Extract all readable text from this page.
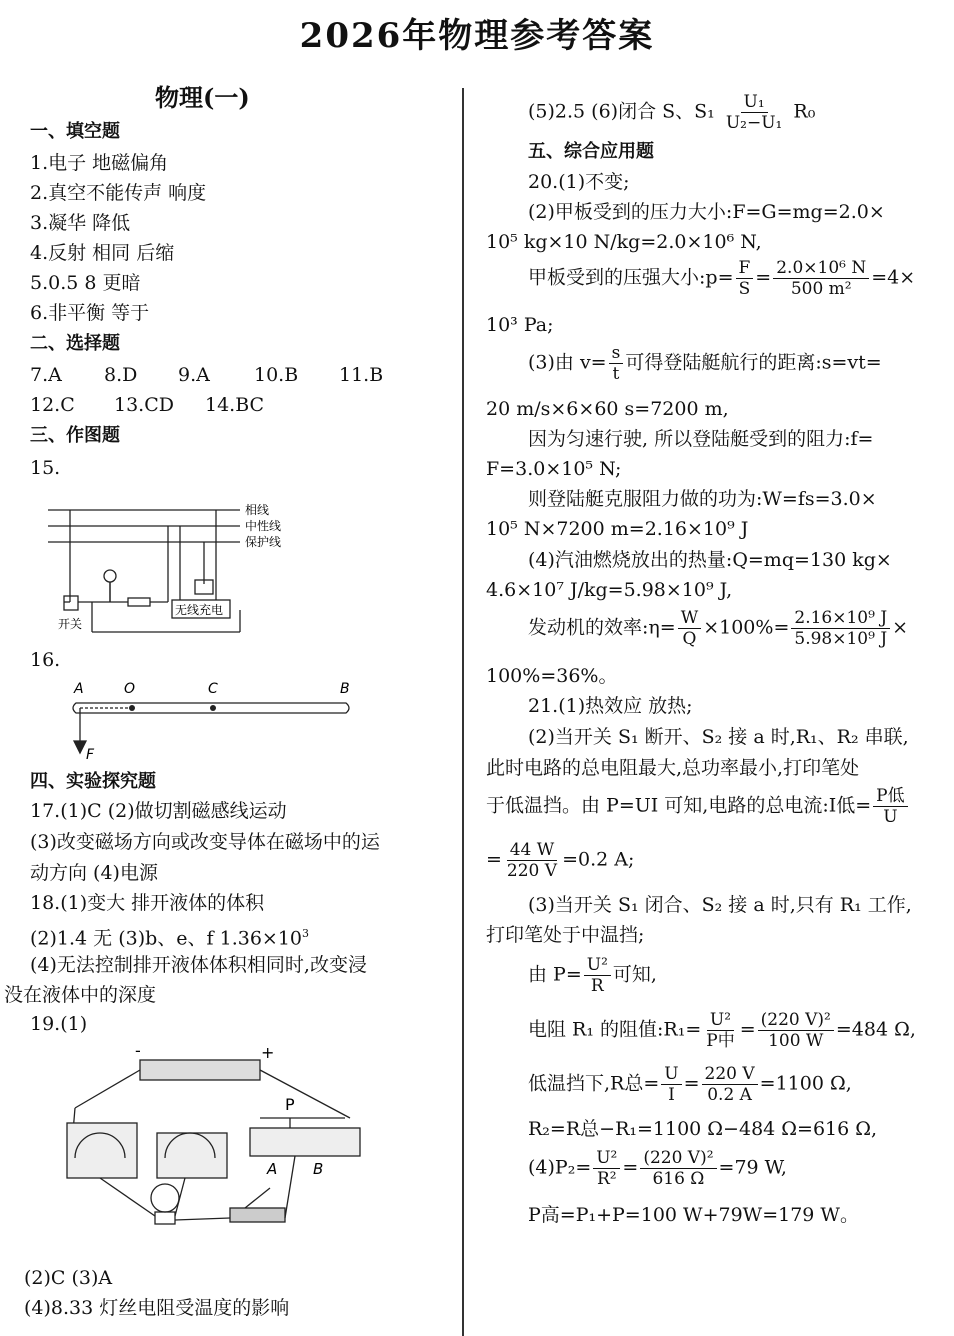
2026年物理参考答案
物理(一)
一、填空题
1.电子 地磁偏角
2.真空不能传声 响度
3.凝华 降低
4.反射 相同 后缩
5.0.5 8 更暗
6.非平衡 等于
二、选择题
7.A 8.D 9.A 10.B 11.B
12.C 13.CD 14.BC
三、作图题
15.
相线
中性线
保护线
开关
无线充电
16.
A	O	C	B
F
四、实验探究题
17.(1)C (2)做切割磁感线运动
(3)改变磁场方向或改变导体在磁场中的运
动方向 (4)电源
18.(1)变大 排开液体的体积
(2)1.4 无 (3)b、e、f $1.36\times 10^3$
(4)无法控制排开液体体积相同时,改变浸
没在液体中的深度
19.(1)
-	+
P
A B
(2)C (3)A
(4)8.33 灯丝电阻受温度的影响
(5)2.5 (6)闭合 S、$S_1 \frac{\text{U₁}}{\text{U₂−U₁}} R_0$
五、综合应用题
20.(1)不变;
(2)甲板受到的压力大小:F=G=mg=2.0×
10⁵ kg×10 N/kg=2.0×10⁶ N,
甲板受到的压强大小:p= $\frac{F}{S} = \frac{\text{2.0×10⁶ N}}{\text{500 m²}} =4\times$
10³ Pa;
(3)由 $v= \frac{s}{t}$ 可得登陆艇航行的距离:s=vt=
20 m/s×6×60 s=7200 m,
因为匀速行驶, 所以登陆艇受到的阻力:f=
F=3.0×10⁵ N;
则登陆艇克服阻力做的功为:W=fs=3.0×
10⁵ N×7200 m=2.16×10⁹ J
(4)汽油燃烧放出的热量:Q=mq=130 kg×
4.6×10⁷ J/kg=5.98×10⁹ J,
发动机的效率:η= $\frac{W}{Q} \times 100\%= \frac{\text{2.16×10⁹ J}}{\text{5.98×10⁹ J}}$ ×
100%=36%。
21.(1)热效应 放热;
(2)当开关 S₁ 断开、S₂ 接 a 时,R₁、R₂ 串联,
此时电路的总电阻最大,总功率最小,打印笔处
于低温挡。由 P=UI 可知,电路的总电流:I低= $\frac{\text{P低}}{U}$
= $\frac{44 W}{220 V} =0.2$ A;
(3)当开关 S₁ 闭合、S₂ 接 a 时,只有 R₁ 工作,
打印笔处于中温挡;
由 $P= \frac{\text{U²}}{R}$ 可知,
电阻 R₁ 的阻值:R₁= $\frac{\text{U²}}{\text{P中}} = \frac{\text{(220 V)²}}{100 W} =484$ Ω,
低温挡下,R总= $\frac{U}{I} = \frac{220 V}{0.2 A} =1100$ Ω,
R₂=R总−R₁=1100 Ω−484 Ω=616 Ω,
$(4)P_2= \frac{\text{U²}}{\text{R²}} = \frac{\text{(220 V)²}}{616 \Omega} =79$ W,
P高=P₁+P=100 W+79W=179 W。
